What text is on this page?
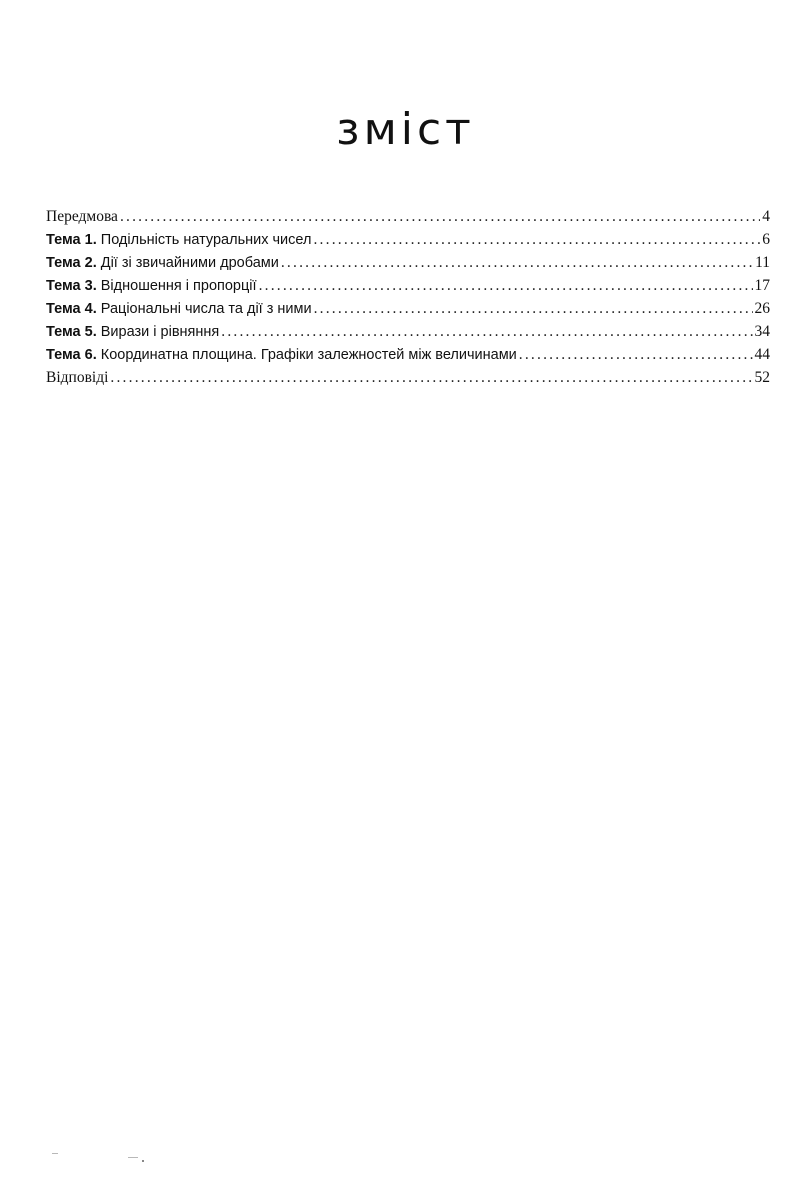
зміст
Передмова .....	4
Тема 1. Подільність натуральних чисел .....	6
Тема 2. Дії зі звичайними дробами .....	11
Тема 3. Відношення і пропорції .....	17
Тема 4. Раціональні числа та дії з ними .....	26
Тема 5. Вирази і рівняння .....	34
Тема 6. Координатна площина. Графіки залежностей між величинами .....	44
Відповіді .....	52
